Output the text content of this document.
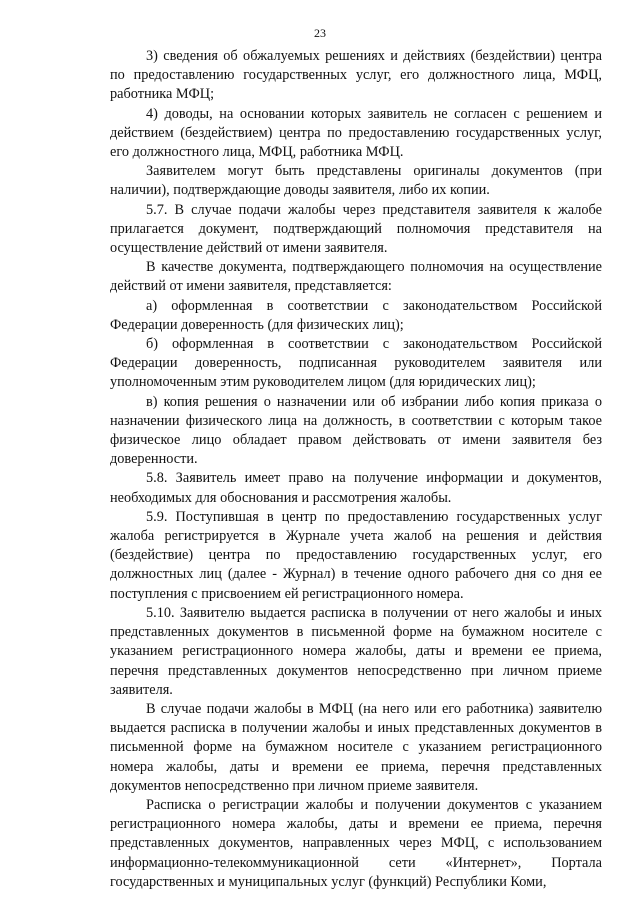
23

3) сведения об обжалуемых решениях и действиях (бездействии) центра по предоставлению государственных услуг, его должностного лица, МФЦ, работника МФЦ;

4) доводы, на основании которых заявитель не согласен с решением и действием (бездействием) центра по предоставлению государственных услуг, его должностного лица, МФЦ, работника МФЦ.

Заявителем могут быть представлены оригиналы документов (при наличии), подтверждающие доводы заявителя, либо их копии.

5.7. В случае подачи жалобы через представителя заявителя к жалобе прилагается документ, подтверждающий полномочия представителя на осуществление действий от имени заявителя.

В качестве документа, подтверждающего полномочия на осуществление действий от имени заявителя, представляется:

а) оформленная в соответствии с законодательством Российской Федерации доверенность (для физических лиц);

б) оформленная в соответствии с законодательством Российской Федерации доверенность, подписанная руководителем заявителя или уполномоченным этим руководителем лицом (для юридических лиц);

в) копия решения о назначении или об избрании либо копия приказа о назначении физического лица на должность, в соответствии с которым такое физическое лицо обладает правом действовать от имени заявителя без доверенности.

5.8. Заявитель имеет право на получение информации и документов, необходимых для обоснования и рассмотрения жалобы.

5.9. Поступившая в центр по предоставлению государственных услуг жалоба регистрируется в Журнале учета жалоб на решения и действия (бездействие) центра по предоставлению государственных услуг, его должностных лиц (далее - Журнал) в течение одного рабочего дня со дня ее поступления с присвоением ей регистрационного номера.

5.10. Заявителю выдается расписка в получении от него жалобы и иных представленных документов в письменной форме на бумажном носителе с указанием регистрационного номера жалобы, даты и времени ее приема, перечня представленных документов непосредственно при личном приеме заявителя.

В случае подачи жалобы в МФЦ (на него или его работника) заявителю выдается расписка в получении жалобы и иных представленных документов в письменной форме на бумажном носителе с указанием регистрационного номера жалобы, даты и времени ее приема, перечня представленных документов непосредственно при личном приеме заявителя.

Расписка о регистрации жалобы и получении документов с указанием регистрационного номера жалобы, даты и времени ее приема, перечня представленных документов, направленных через МФЦ, с использованием информационно-телекоммуникационной сети «Интернет», Портала государственных и муниципальных услуг (функций) Республики Коми,
